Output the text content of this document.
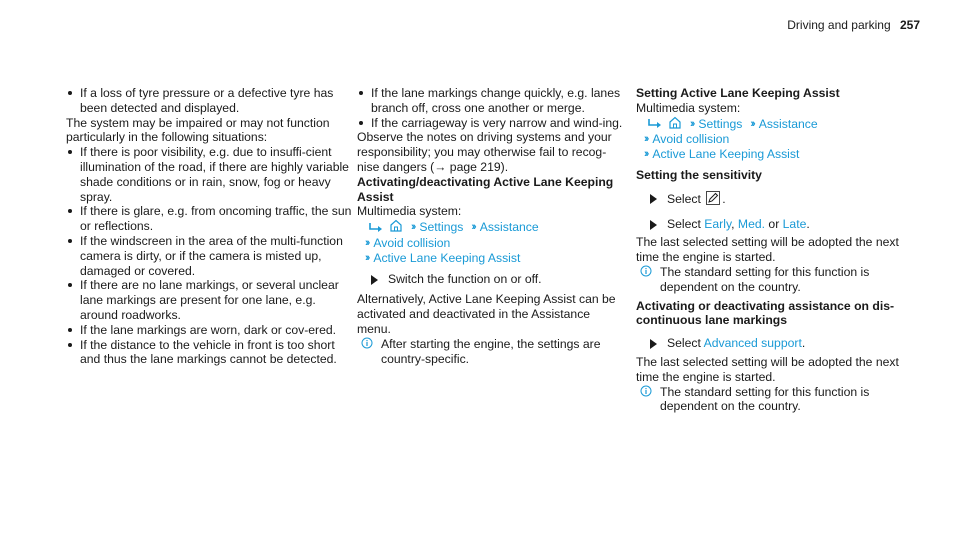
Driving and parking 257

If a loss of tyre pressure or a defective tyre has been detected and displayed.

The system may be impaired or may not function particularly in the following situations:

If there is poor visibility, e.g. due to insuffi-cient illumination of the road, if there are highly variable shade conditions or in rain, snow, fog or heavy spray.

If there is glare, e.g. from oncoming traffic, the sun or reflections.

If the windscreen in the area of the multi-function camera is dirty, or if the camera is misted up, damaged or covered.

If there are no lane markings, or several unclear lane markings are present for one lane, e.g. around roadworks.

If the lane markings are worn, dark or cov-ered.

If the distance to the vehicle in front is too short and thus the lane markings cannot be detected.

If the lane markings change quickly, e.g. lanes branch off, cross one another or merge.

If the carriageway is very narrow and wind-ing.

Observe the notes on driving systems and your responsibility; you may otherwise fail to recog-nise dangers (→ page 219).

Activating/deactivating Active Lane Keeping Assist

Multimedia system:

›› Settings ›› Assistance
›› Avoid collision
›› Active Lane Keeping Assist
Switch the function on or off.

Alternatively, Active Lane Keeping Assist can be activated and deactivated in the Assistance menu.

After starting the engine, the settings are country-specific.

Setting Active Lane Keeping Assist

Multimedia system:

›› Settings ›› Assistance
›› Avoid collision
›› Active Lane Keeping Assist

Setting the sensitivity

Select .
Select Early, Med. or Late.

The last selected setting will be adopted the next time the engine is started.

The standard setting for this function is dependent on the country.

Activating or deactivating assistance on dis-continuous lane markings

Select Advanced support.

The last selected setting will be adopted the next time the engine is started.

The standard setting for this function is dependent on the country.
